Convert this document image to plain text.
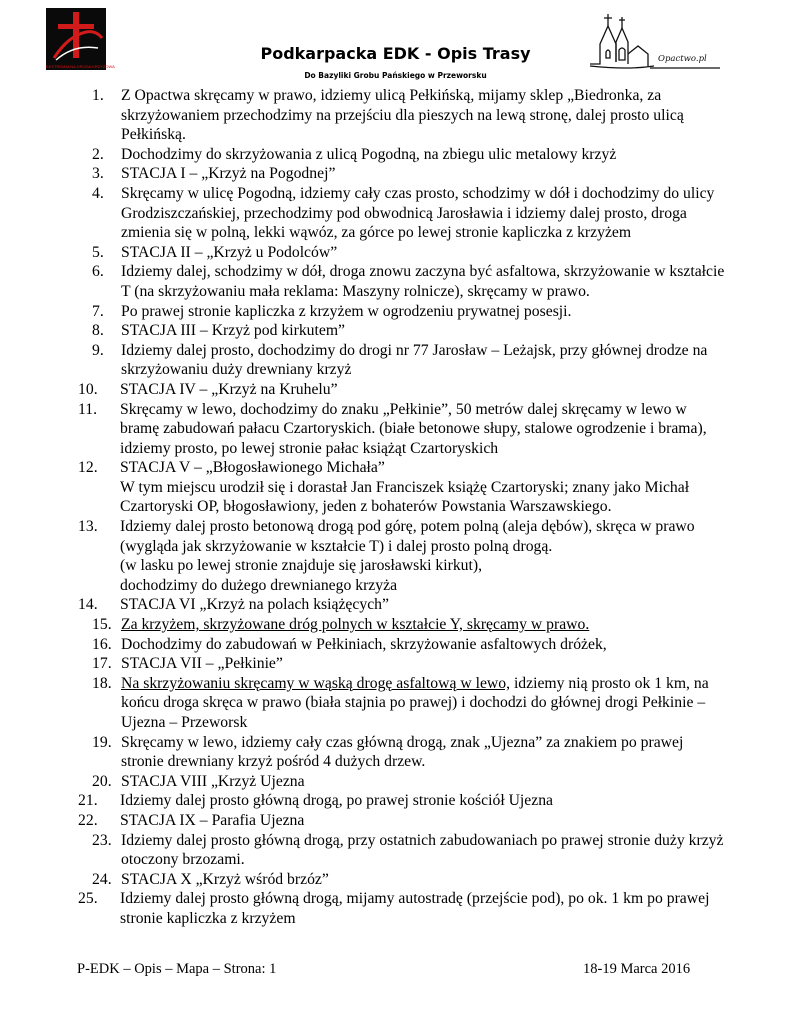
EKSTREMALNA DROGA KRZYŻOWA
Opactwo.pl
Podkarpacka EDK - Opis Trasy
Do Bazyliki Grobu Pańskiego w Przeworsku
1. Z Opactwa skręcamy w prawo, idziemy ulicą Pełkińską, mijamy sklep „Biedronka, za skrzyżowaniem przechodzimy na przejściu dla pieszych na lewą stronę, dalej prosto ulicą Pełkińską.
2. Dochodzimy do skrzyżowania z ulicą Pogodną, na zbiegu ulic metalowy krzyż
3. STACJA I – „Krzyż na Pogodnej”
4. Skręcamy w ulicę Pogodną, idziemy cały czas prosto, schodzimy w dół i dochodzimy do ulicy Grodziszczańskiej, przechodzimy pod obwodnicą Jarosławia i idziemy dalej prosto, droga zmienia się w polną, lekki wąwóz, za górce po lewej stronie kapliczka z krzyżem
5. STACJA II – „Krzyż u Podolców”
6. Idziemy dalej, schodzimy w dół, droga znowu zaczyna być asfaltowa, skrzyżowanie w kształcie T (na skrzyżowaniu mała reklama: Maszyny rolnicze), skręcamy w prawo.
7. Po prawej stronie kapliczka z krzyżem w ogrodzeniu prywatnej posesji.
8. STACJA III – Krzyż pod kirkutem”
9. Idziemy dalej prosto, dochodzimy do drogi nr 77 Jarosław – Leżajsk, przy głównej drodze na skrzyżowaniu duży drewniany krzyż
10. STACJA IV – „Krzyż na Kruhelu”
11. Skręcamy w lewo, dochodzimy do znaku „Pełkinie”, 50 metrów dalej skręcamy w lewo w bramę zabudowań pałacu Czartoryskich. (białe betonowe słupy, stalowe ogrodzenie i brama), idziemy prosto, po lewej stronie pałac książąt Czartoryskich
12. STACJA V – „Błogosławionego Michała”
W tym miejscu urodził się i dorastał Jan Franciszek książę Czartoryski; znany jako Michał Czartoryski OP, błogosławiony, jeden z bohaterów Powstania Warszawskiego.
13. Idziemy dalej prosto betonową drogą pod górę, potem polną (aleja dębów), skręca w prawo (wygląda jak skrzyżowanie w kształcie T) i dalej prosto polną drogą.
(w lasku po lewej stronie znajduje się jarosławski kirkut),
dochodzimy do dużego drewnianego krzyża
14. STACJA VI „Krzyż na polach książęcych”
15. Za krzyżem, skrzyżowane dróg polnych w kształcie Y, skręcamy w prawo.
16. Dochodzimy do zabudowań w Pełkiniach, skrzyżowanie asfaltowych dróżek,
17. STACJA VII – „Pełkinie”
18. Na skrzyżowaniu skręcamy w wąską drogę asfaltową w lewo, idziemy nią prosto ok 1 km, na końcu droga skręca w prawo (biała stajnia po prawej) i dochodzi do głównej drogi Pełkinie – Ujezna – Przeworsk
19. Skręcamy w lewo, idziemy cały czas główną drogą, znak „Ujezna” za znakiem po prawej stronie drewniany krzyż pośród 4 dużych drzew.
20. STACJA VIII „Krzyż Ujezna
21. Idziemy dalej prosto główną drogą, po prawej stronie kościół Ujezna
22. STACJA IX – Parafia Ujezna
23. Idziemy dalej prosto główną drogą, przy ostatnich zabudowaniach po prawej stronie duży krzyż otoczony brzozami.
24. STACJA X „Krzyż wśród brzóz”
25. Idziemy dalej prosto główną drogą, mijamy autostradę (przejście pod), po ok. 1 km po prawej stronie kapliczka z krzyżem
P-EDK – Opis – Mapa – Strona: 1	18-19 Marca 2016
